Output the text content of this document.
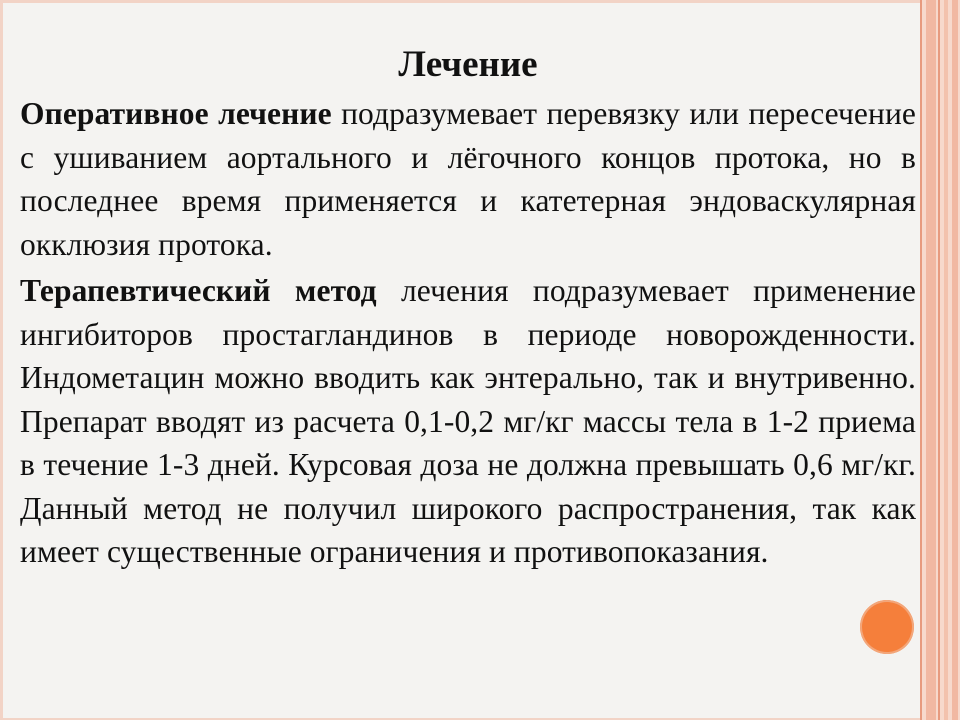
Лечение

Оперативное лечение подразумевает перевязку или пересечение с ушиванием аортального и лёгочного концов протока, но в последнее время применяется и катетерная эндоваскулярная окклюзия протока.

Терапевтический метод лечения подразумевает применение ингибиторов простагландинов в периоде новорожденности. Индометацин можно вводить как энтерально, так и внутривенно. Препарат вводят из расчета 0,1-0,2 мг/кг массы тела в 1-2 приема в течение 1-3 дней. Курсовая доза не должна превышать 0,6 мг/кг. Данный метод не получил широкого распространения, так как имеет существенные ограничения и противопоказания.
